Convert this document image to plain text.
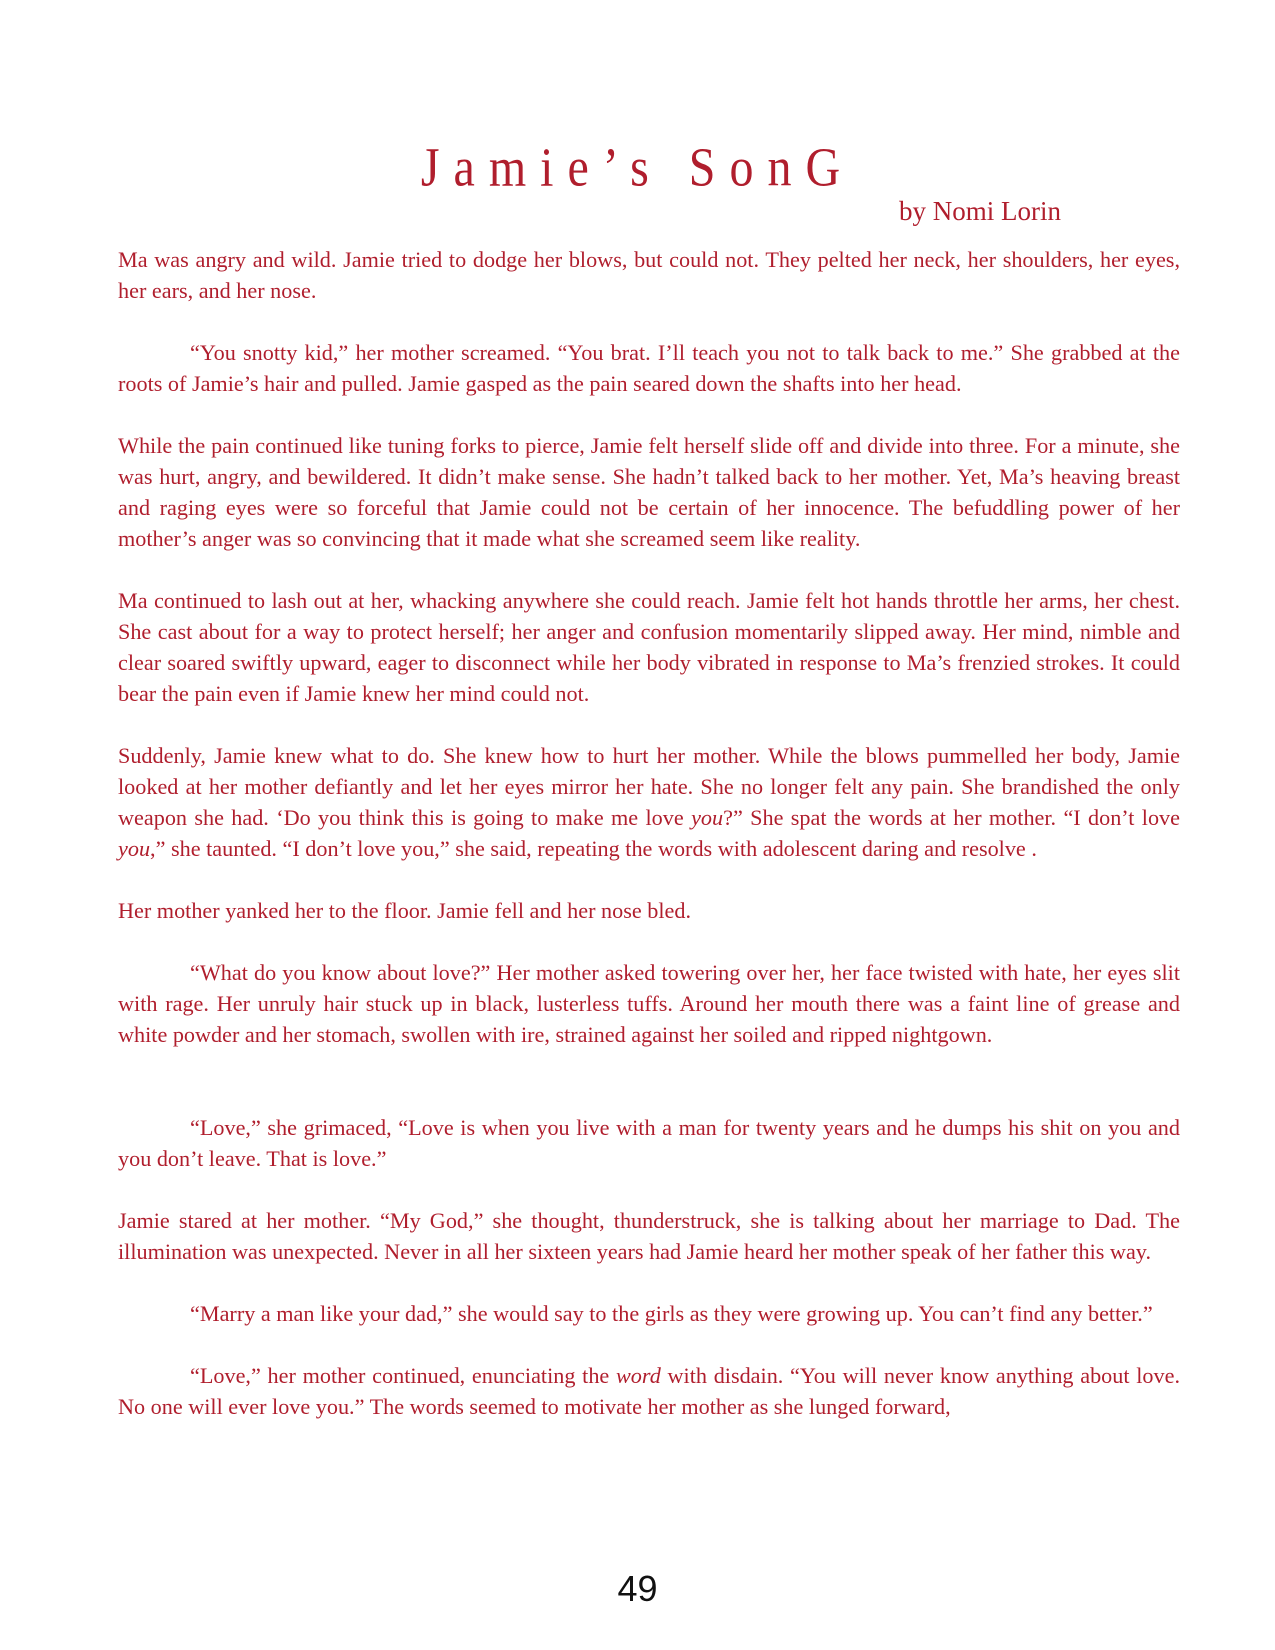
Jamie’s SonG
by Nomi Lorin

Ma was angry and wild. Jamie tried to dodge her blows, but could not. They pelted her neck, her shoulders, her eyes, her ears, and her nose.

“You snotty kid,” her mother screamed. “You brat. I’ll teach you not to talk back to me.” She grabbed at the roots of Jamie’s hair and pulled. Jamie gasped as the pain seared down the shafts into her head.

While the pain continued like tuning forks to pierce, Jamie felt herself slide off and divide into three. For a minute, she was hurt, angry, and bewildered. It didn’t make sense. She hadn’t talked back to her mother. Yet, Ma’s heaving breast and raging eyes were so forceful that Jamie could not be certain of her innocence. The befuddling power of her mother’s anger was so convincing that it made what she screamed seem like reality.

Ma continued to lash out at her, whacking anywhere she could reach. Jamie felt hot hands throttle her arms, her chest. She cast about for a way to protect herself; her anger and confusion momentarily slipped away. Her mind, nimble and clear soared swiftly upward, eager to disconnect while her body vibrated in response to Ma’s frenzied strokes. It could bear the pain even if Jamie knew her mind could not.

Suddenly, Jamie knew what to do. She knew how to hurt her mother. While the blows pummelled her body, Jamie looked at her mother defiantly and let her eyes mirror her hate. She no longer felt any pain. She brandished the only weapon she had. ‘Do you think this is going to make me love you?” She spat the words at her mother. “I don’t love you,” she taunted. “I don’t love you,” she said, repeating the words with adolescent daring and resolve .

Her mother yanked her to the floor. Jamie fell and her nose bled.

“What do you know about love?” Her mother asked towering over her, her face twisted with hate, her eyes slit with rage. Her unruly hair stuck up in black, lusterless tuffs. Around her mouth there was a faint line of grease and white powder and her stomach, swollen with ire, strained against her soiled and ripped nightgown.

“Love,” she grimaced, “Love is when you live with a man for twenty years and he dumps his shit on you and you don’t leave. That is love.”

Jamie stared at her mother. “My God,” she thought, thunderstruck, she is talking about her marriage to Dad. The illumination was unexpected. Never in all her sixteen years had Jamie heard her mother speak of her father this way.

“Marry a man like your dad,” she would say to the girls as they were growing up. You can’t find any better.”

“Love,” her mother continued, enunciating the word with disdain. “You will never know anything about love. No one will ever love you.” The words seemed to motivate her mother as she lunged forward,

49
